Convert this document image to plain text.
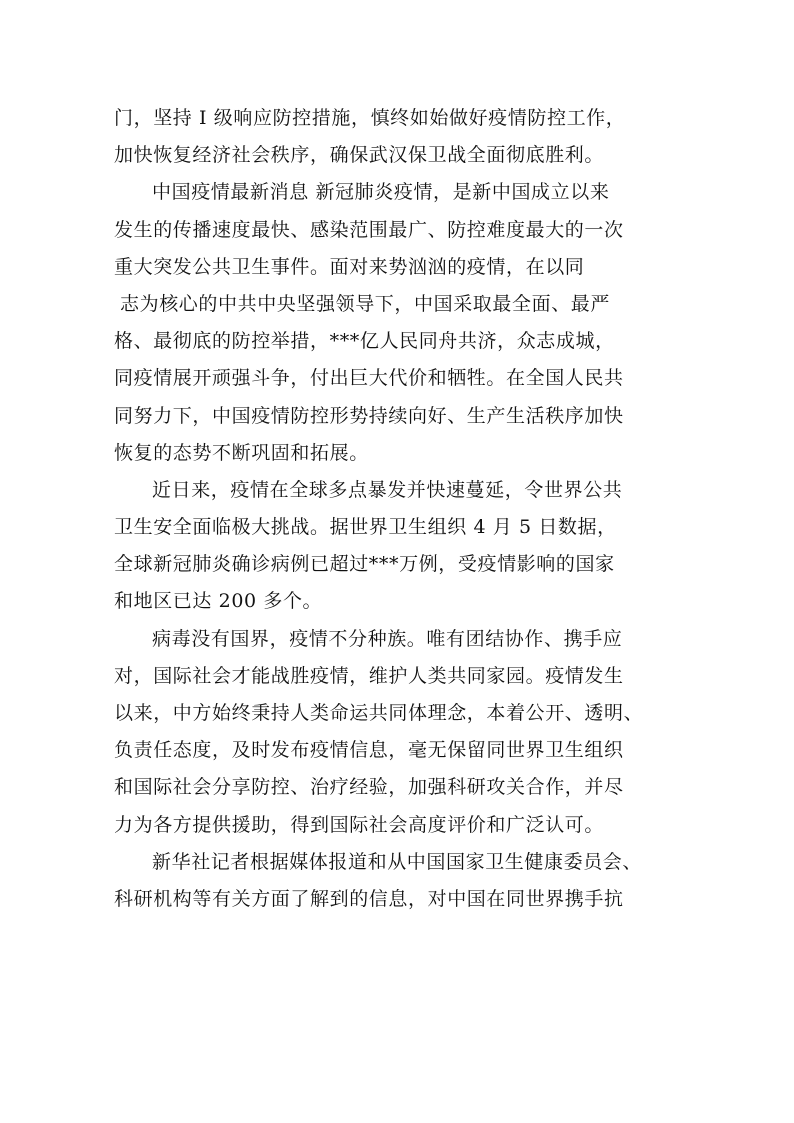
门，坚持 Ⅰ 级响应防控措施，慎终如始做好疫情防控工作，
加快恢复经济社会秩序，确保武汉保卫战全面彻底胜利。
中国疫情最新消息 新冠肺炎疫情，是新中国成立以来
发生的传播速度最快、感染范围最广、防控难度最大的一次
重大突发公共卫生事件。面对来势汹汹的疫情，在以同
志为核心的中共中央坚强领导下，中国采取最全面、最严
格、最彻底的防控举措，***亿人民同舟共济，众志成城，
同疫情展开顽强斗争，付出巨大代价和牺牲。在全国人民共
同努力下，中国疫情防控形势持续向好、生产生活秩序加快
恢复的态势不断巩固和拓展。
近日来，疫情在全球多点暴发并快速蔓延，令世界公共
卫生安全面临极大挑战。据世界卫生组织 4 月 5 日数据，
全球新冠肺炎确诊病例已超过***万例，受疫情影响的国家
和地区已达 200 多个。
病毒没有国界，疫情不分种族。唯有团结协作、携手应
对，国际社会才能战胜疫情，维护人类共同家园。疫情发生
以来，中方始终秉持人类命运共同体理念，本着公开、透明、
负责任态度，及时发布疫情信息，毫无保留同世界卫生组织
和国际社会分享防控、治疗经验，加强科研攻关合作，并尽
力为各方提供援助，得到国际社会高度评价和广泛认可。
新华社记者根据媒体报道和从中国国家卫生健康委员会、
科研机构等有关方面了解到的信息，对中国在同世界携手抗
